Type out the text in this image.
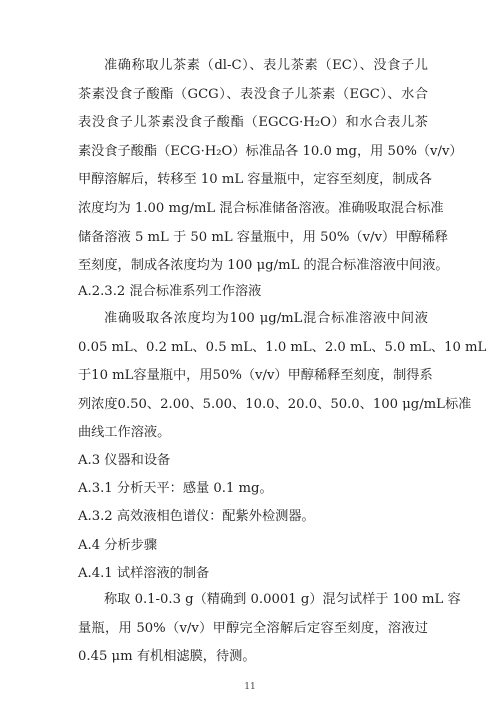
准确称取儿茶素（dl-C）、表儿茶素（EC）、没食子儿
茶素没食子酸酯（GCG）、表没食子儿茶素（EGC）、水合
表没食子儿茶素没食子酸酯（EGCG·H₂O）和水合表儿茶
素没食子酸酯（ECG·H₂O）标准品各 10.0 mg，用 50%（v/v）
甲醇溶解后，转移至 10 mL 容量瓶中，定容至刻度，制成各
浓度均为 1.00 mg/mL 混合标准储备溶液。准确吸取混合标准
储备溶液 5 mL 于 50 mL 容量瓶中，用 50%（v/v）甲醇稀释
至刻度，制成各浓度均为 100 μg/mL 的混合标准溶液中间液。
A.2.3.2 混合标准系列工作溶液
准确吸取各浓度均为100 μg/mL混合标准溶液中间液
0.05 mL、0.2 mL、0.5 mL、1.0 mL、2.0 mL、5.0 mL、10 mL
于10 mL容量瓶中，用50%（v/v）甲醇稀释至刻度，制得系
列浓度0.50、2.00、5.00、10.0、20.0、50.0、100 μg/mL标准
曲线工作溶液。
A.3 仪器和设备
A.3.1 分析天平：感量 0.1 mg。
A.3.2 高效液相色谱仪：配紫外检测器。
A.4 分析步骤
A.4.1 试样溶液的制备
称取 0.1-0.3 g（精确到 0.0001 g）混匀试样于 100 mL 容
量瓶，用 50%（v/v）甲醇完全溶解后定容至刻度，溶液过
0.45 μm 有机相滤膜，待测。
11
